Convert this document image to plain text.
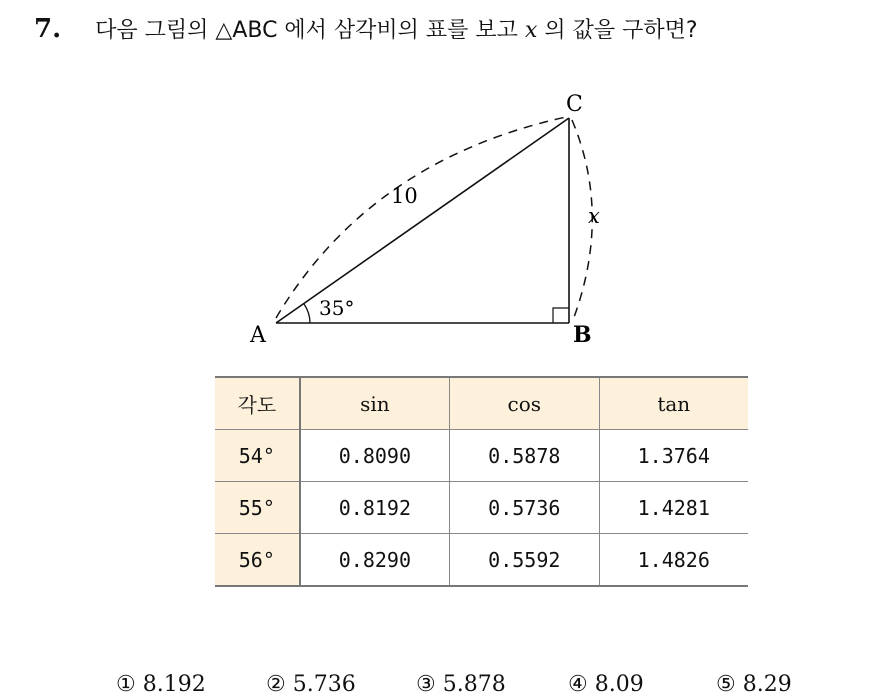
7. 다음 그림의 △ABC 에서 삼각비의 표를 보고 x 의 값을 구하면?
A	B
C
10
x
35°
각도	sin	cos	tan
54°	0.8090	0.5878	1.3764
55°	0.8192	0.5736	1.4281
56°	0.8290	0.5592	1.4826
① 8.192	② 5.736	③ 5.878	④ 8.09	⑤ 8.29
